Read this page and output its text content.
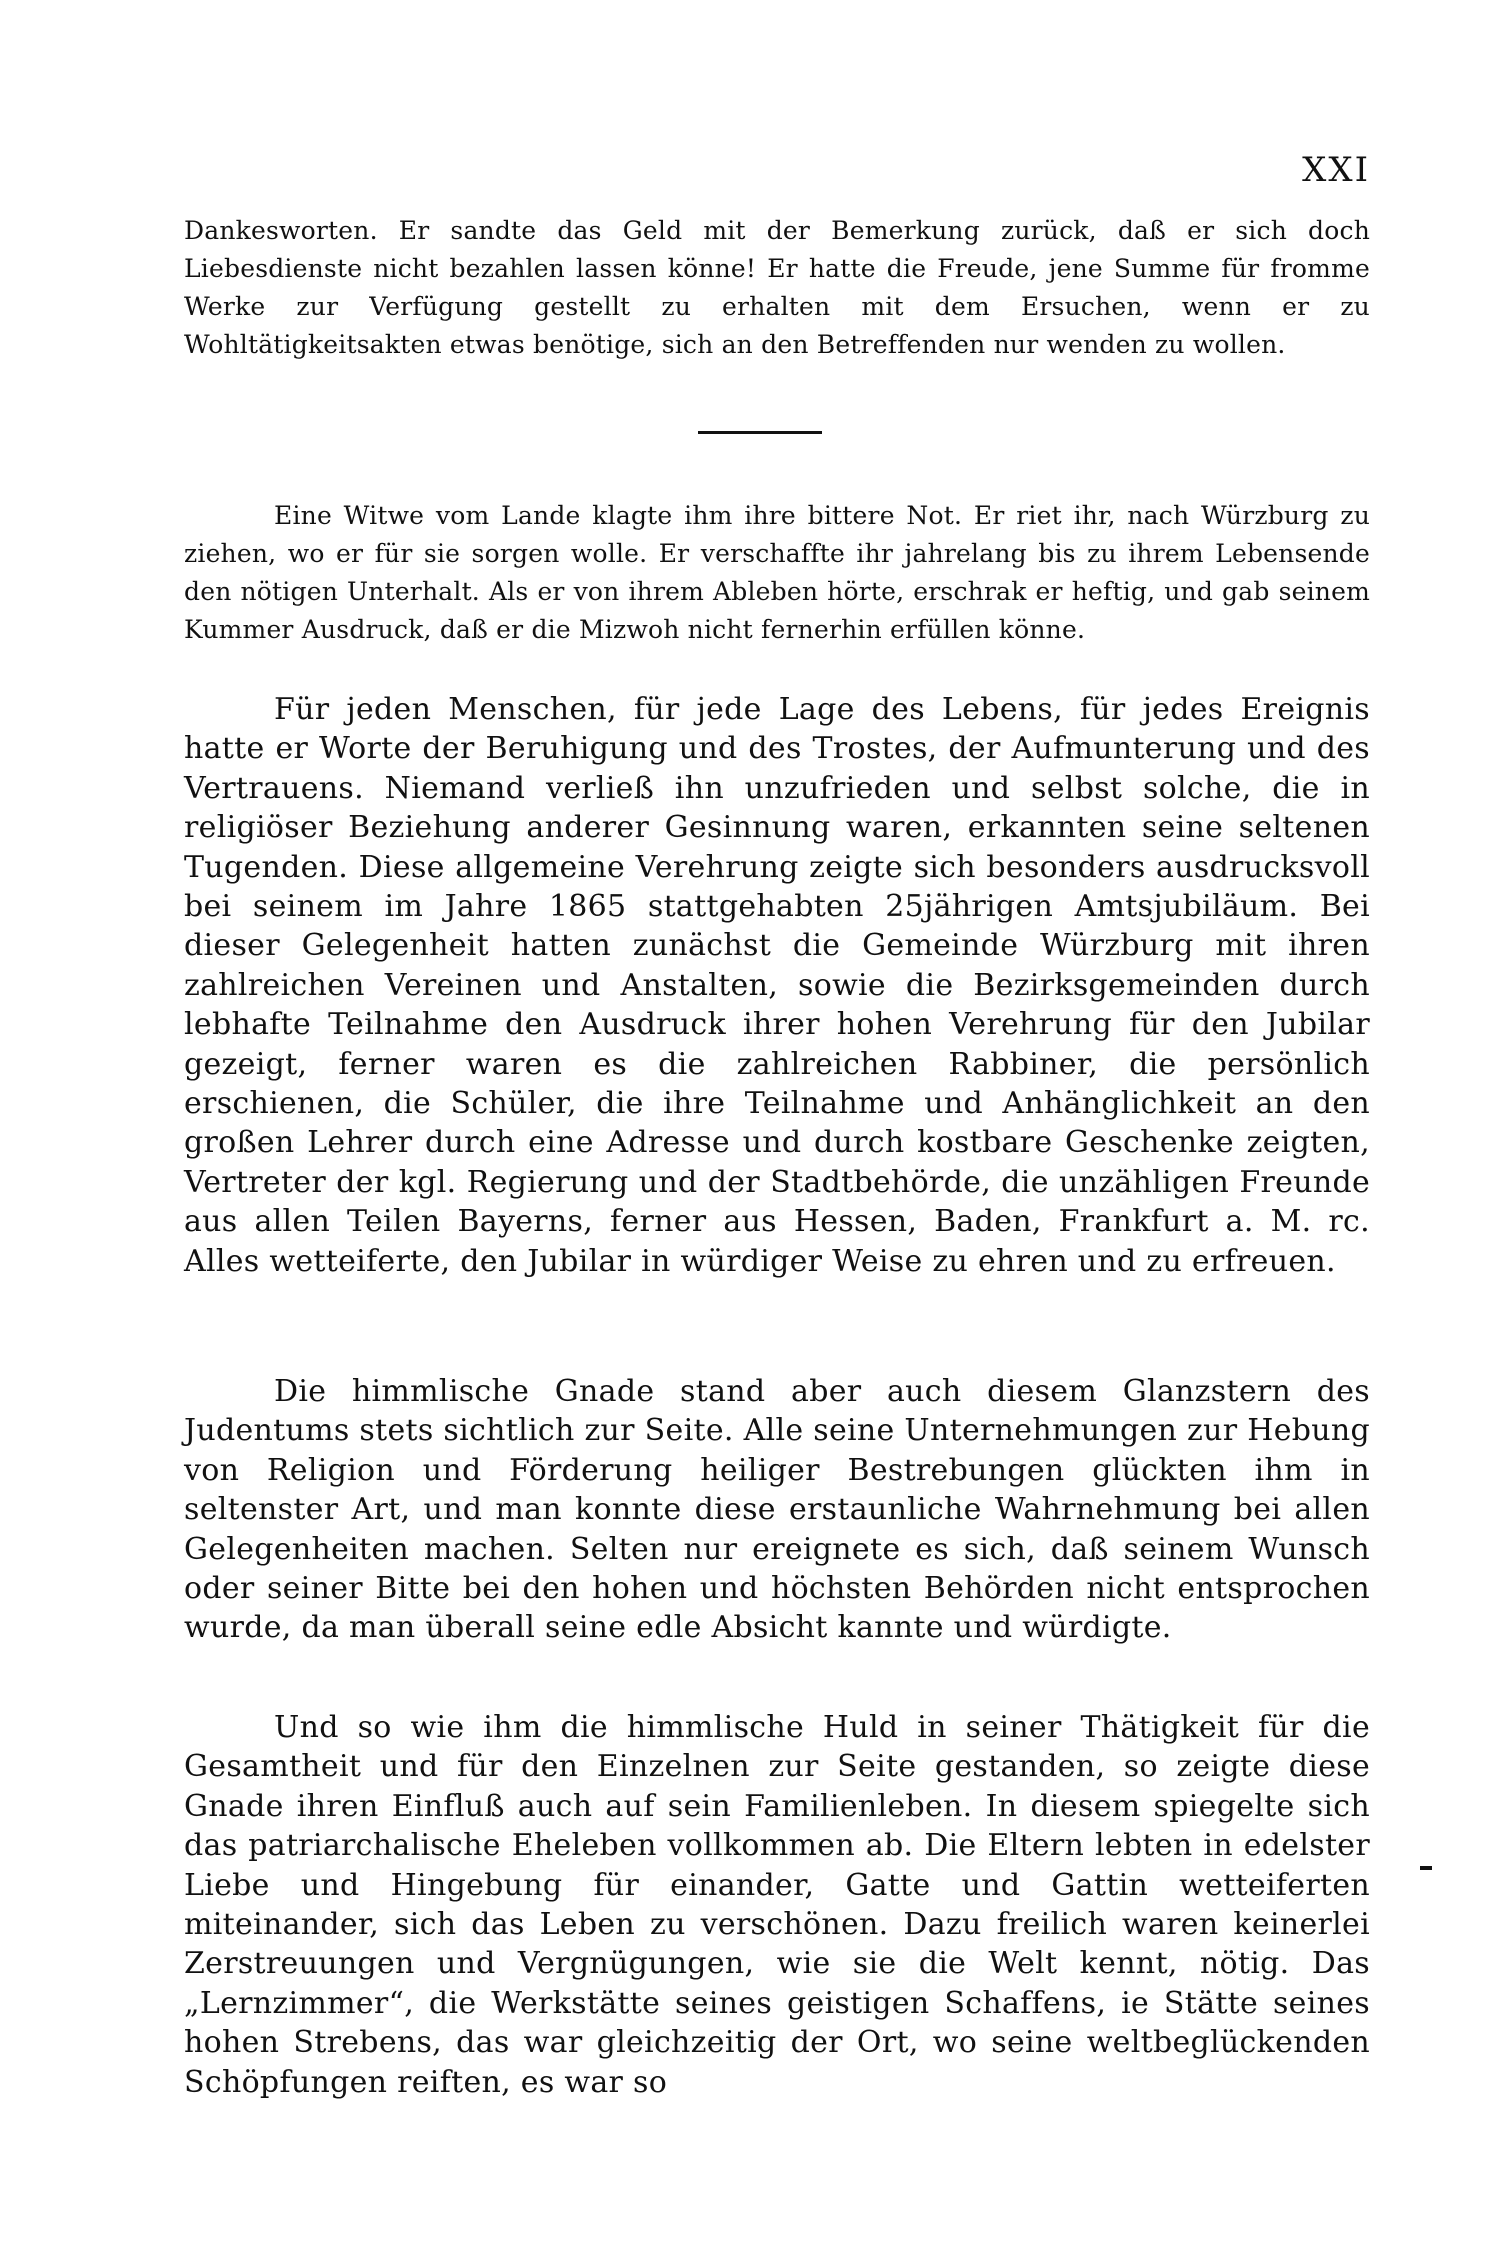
XXI

Dankesworten. Er sandte das Geld mit der Bemerkung zurück, daß er sich doch Liebesdienste nicht bezahlen lassen könne! Er hatte die Freude, jene Summe für fromme Werke zur Verfügung gestellt zu erhalten mit dem Ersuchen, wenn er zu Wohltätigkeitsakten etwas benötige, sich an den Betreffenden nur wenden zu wollen.

Eine Witwe vom Lande klagte ihm ihre bittere Not. Er riet ihr, nach Würzburg zu ziehen, wo er für sie sorgen wolle. Er verschaffte ihr jahrelang bis zu ihrem Lebensende den nötigen Unterhalt. Als er von ihrem Ableben hörte, erschrak er heftig, und gab seinem Kummer Ausdruck, daß er die Mizwoh nicht fernerhin erfüllen könne.

Für jeden Menschen, für jede Lage des Lebens, für jedes Ereignis hatte er Worte der Beruhigung und des Trostes, der Aufmunterung und des Vertrauens. Niemand verließ ihn unzufrieden und selbst solche, die in religiöser Beziehung anderer Gesinnung waren, erkannten seine seltenen Tugenden. Diese allgemeine Verehrung zeigte sich besonders ausdrucksvoll bei seinem im Jahre 1865 stattgehabten 25jährigen Amtsjubiläum. Bei dieser Gelegenheit hatten zunächst die Gemeinde Würzburg mit ihren zahlreichen Vereinen und Anstalten, sowie die Bezirksgemeinden durch lebhafte Teilnahme den Ausdruck ihrer hohen Verehrung für den Jubilar gezeigt, ferner waren es die zahlreichen Rabbiner, die persönlich erschienen, die Schüler, die ihre Teilnahme und Anhänglichkeit an den großen Lehrer durch eine Adresse und durch kostbare Geschenke zeigten, Vertreter der kgl. Regierung und der Stadtbehörde, die unzähligen Freunde aus allen Teilen Bayerns, ferner aus Hessen, Baden, Frankfurt a. M. rc. Alles wetteiferte, den Jubilar in würdiger Weise zu ehren und zu erfreuen.

Die himmlische Gnade stand aber auch diesem Glanzstern des Judentums stets sichtlich zur Seite. Alle seine Unternehmungen zur Hebung von Religion und Förderung heiliger Bestrebungen glückten ihm in seltenster Art, und man konnte diese erstaunliche Wahrnehmung bei allen Gelegenheiten machen. Selten nur ereignete es sich, daß seinem Wunsch oder seiner Bitte bei den hohen und höchsten Behörden nicht entsprochen wurde, da man überall seine edle Absicht kannte und würdigte.

Und so wie ihm die himmlische Huld in seiner Thätigkeit für die Gesamtheit und für den Einzelnen zur Seite gestanden, so zeigte diese Gnade ihren Einfluß auch auf sein Familienleben. In diesem spiegelte sich das patriarchalische Eheleben vollkommen ab. Die Eltern lebten in edelster Liebe und Hingebung für einander, Gatte und Gattin wetteiferten miteinander, sich das Leben zu verschönen. Dazu freilich waren keinerlei Zerstreuungen und Vergnügungen, wie sie die Welt kennt, nötig. Das „Lernzimmer“, die Werkstätte seines geistigen Schaffens, ie Stätte seines hohen Strebens, das war gleichzeitig der Ort, wo seine weltbeglückenden Schöpfungen reiften, es war so
